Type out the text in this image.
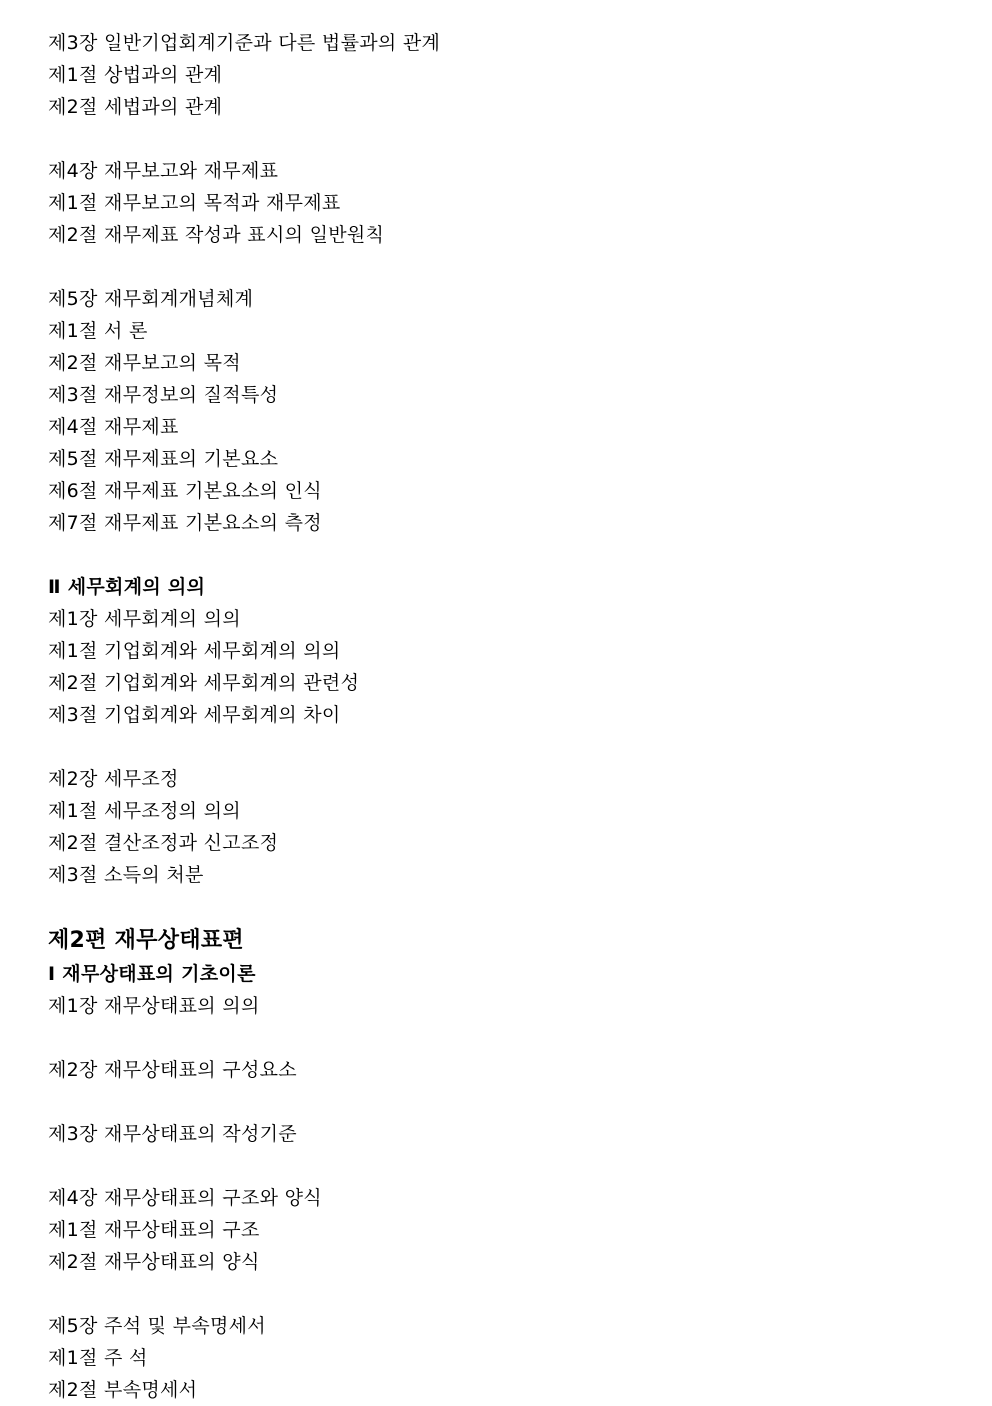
제3장 일반기업회계기준과 다른 법률과의 관계
제1절 상법과의 관계
제2절 세법과의 관계
제4장 재무보고와 재무제표
제1절 재무보고의 목적과 재무제표
제2절 재무제표 작성과 표시의 일반원칙
제5장 재무회계개념체계
제1절 서 론
제2절 재무보고의 목적
제3절 재무정보의 질적특성
제4절 재무제표
제5절 재무제표의 기본요소
제6절 재무제표 기본요소의 인식
제7절 재무제표 기본요소의 측정
Ⅱ 세무회계의 의의
제1장 세무회계의 의의
제1절 기업회계와 세무회계의 의의
제2절 기업회계와 세무회계의 관련성
제3절 기업회계와 세무회계의 차이
제2장 세무조정
제1절 세무조정의 의의
제2절 결산조정과 신고조정
제3절 소득의 처분
제2편 재무상태표편
Ⅰ 재무상태표의 기초이론
제1장 재무상태표의 의의
제2장 재무상태표의 구성요소
제3장 재무상태표의 작성기준
제4장 재무상태표의 구조와 양식
제1절 재무상태표의 구조
제2절 재무상태표의 양식
제5장 주석 및 부속명세서
제1절 주 석
제2절 부속명세서
